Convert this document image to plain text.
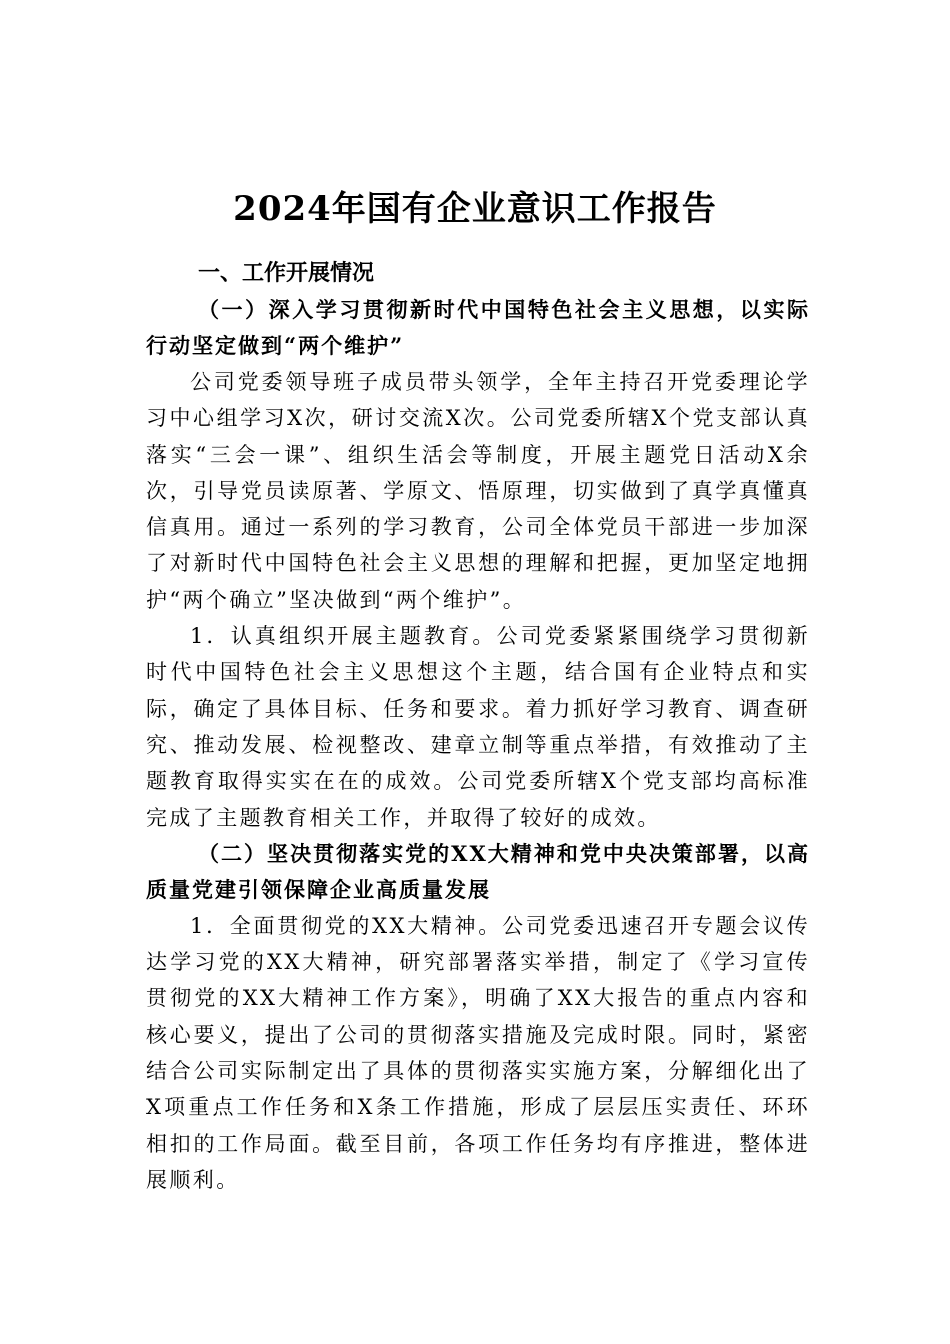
2024年国有企业意识工作报告
一、工作开展情况
（一）深入学习贯彻新时代中国特色社会主义思想，以实际行动坚定做到“两个维护”

公司党委领导班子成员带头领学，全年主持召开党委理论学习中心组学习X次，研讨交流X次。公司党委所辖X个党支部认真落实“三会一课”、组织生活会等制度，开展主题党日活动X余次，引导党员读原著、学原文、悟原理，切实做到了真学真懂真信真用。通过一系列的学习教育，公司全体党员干部进一步加深了对新时代中国特色社会主义思想的理解和把握，更加坚定地拥护“两个确立”坚决做到“两个维护”。

1．认真组织开展主题教育。公司党委紧紧围绕学习贯彻新时代中国特色社会主义思想这个主题，结合国有企业特点和实际，确定了具体目标、任务和要求。着力抓好学习教育、调查研究、推动发展、检视整改、建章立制等重点举措，有效推动了主题教育取得实实在在的成效。公司党委所辖X个党支部均高标准完成了主题教育相关工作，并取得了较好的成效。

（二）坚决贯彻落实党的XX大精神和党中央决策部署，以高质量党建引领保障企业高质量发展

1．全面贯彻党的XX大精神。公司党委迅速召开专题会议传达学习党的XX大精神，研究部署落实举措，制定了《学习宣传贯彻党的XX大精神工作方案》，明确了XX大报告的重点内容和核心要义，提出了公司的贯彻落实措施及完成时限。同时，紧密结合公司实际制定出了具体的贯彻落实实施方案，分解细化出了X项重点工作任务和X条工作措施，形成了层层压实责任、环环相扣的工作局面。截至目前，各项工作任务均有序推进，整体进展顺利。
